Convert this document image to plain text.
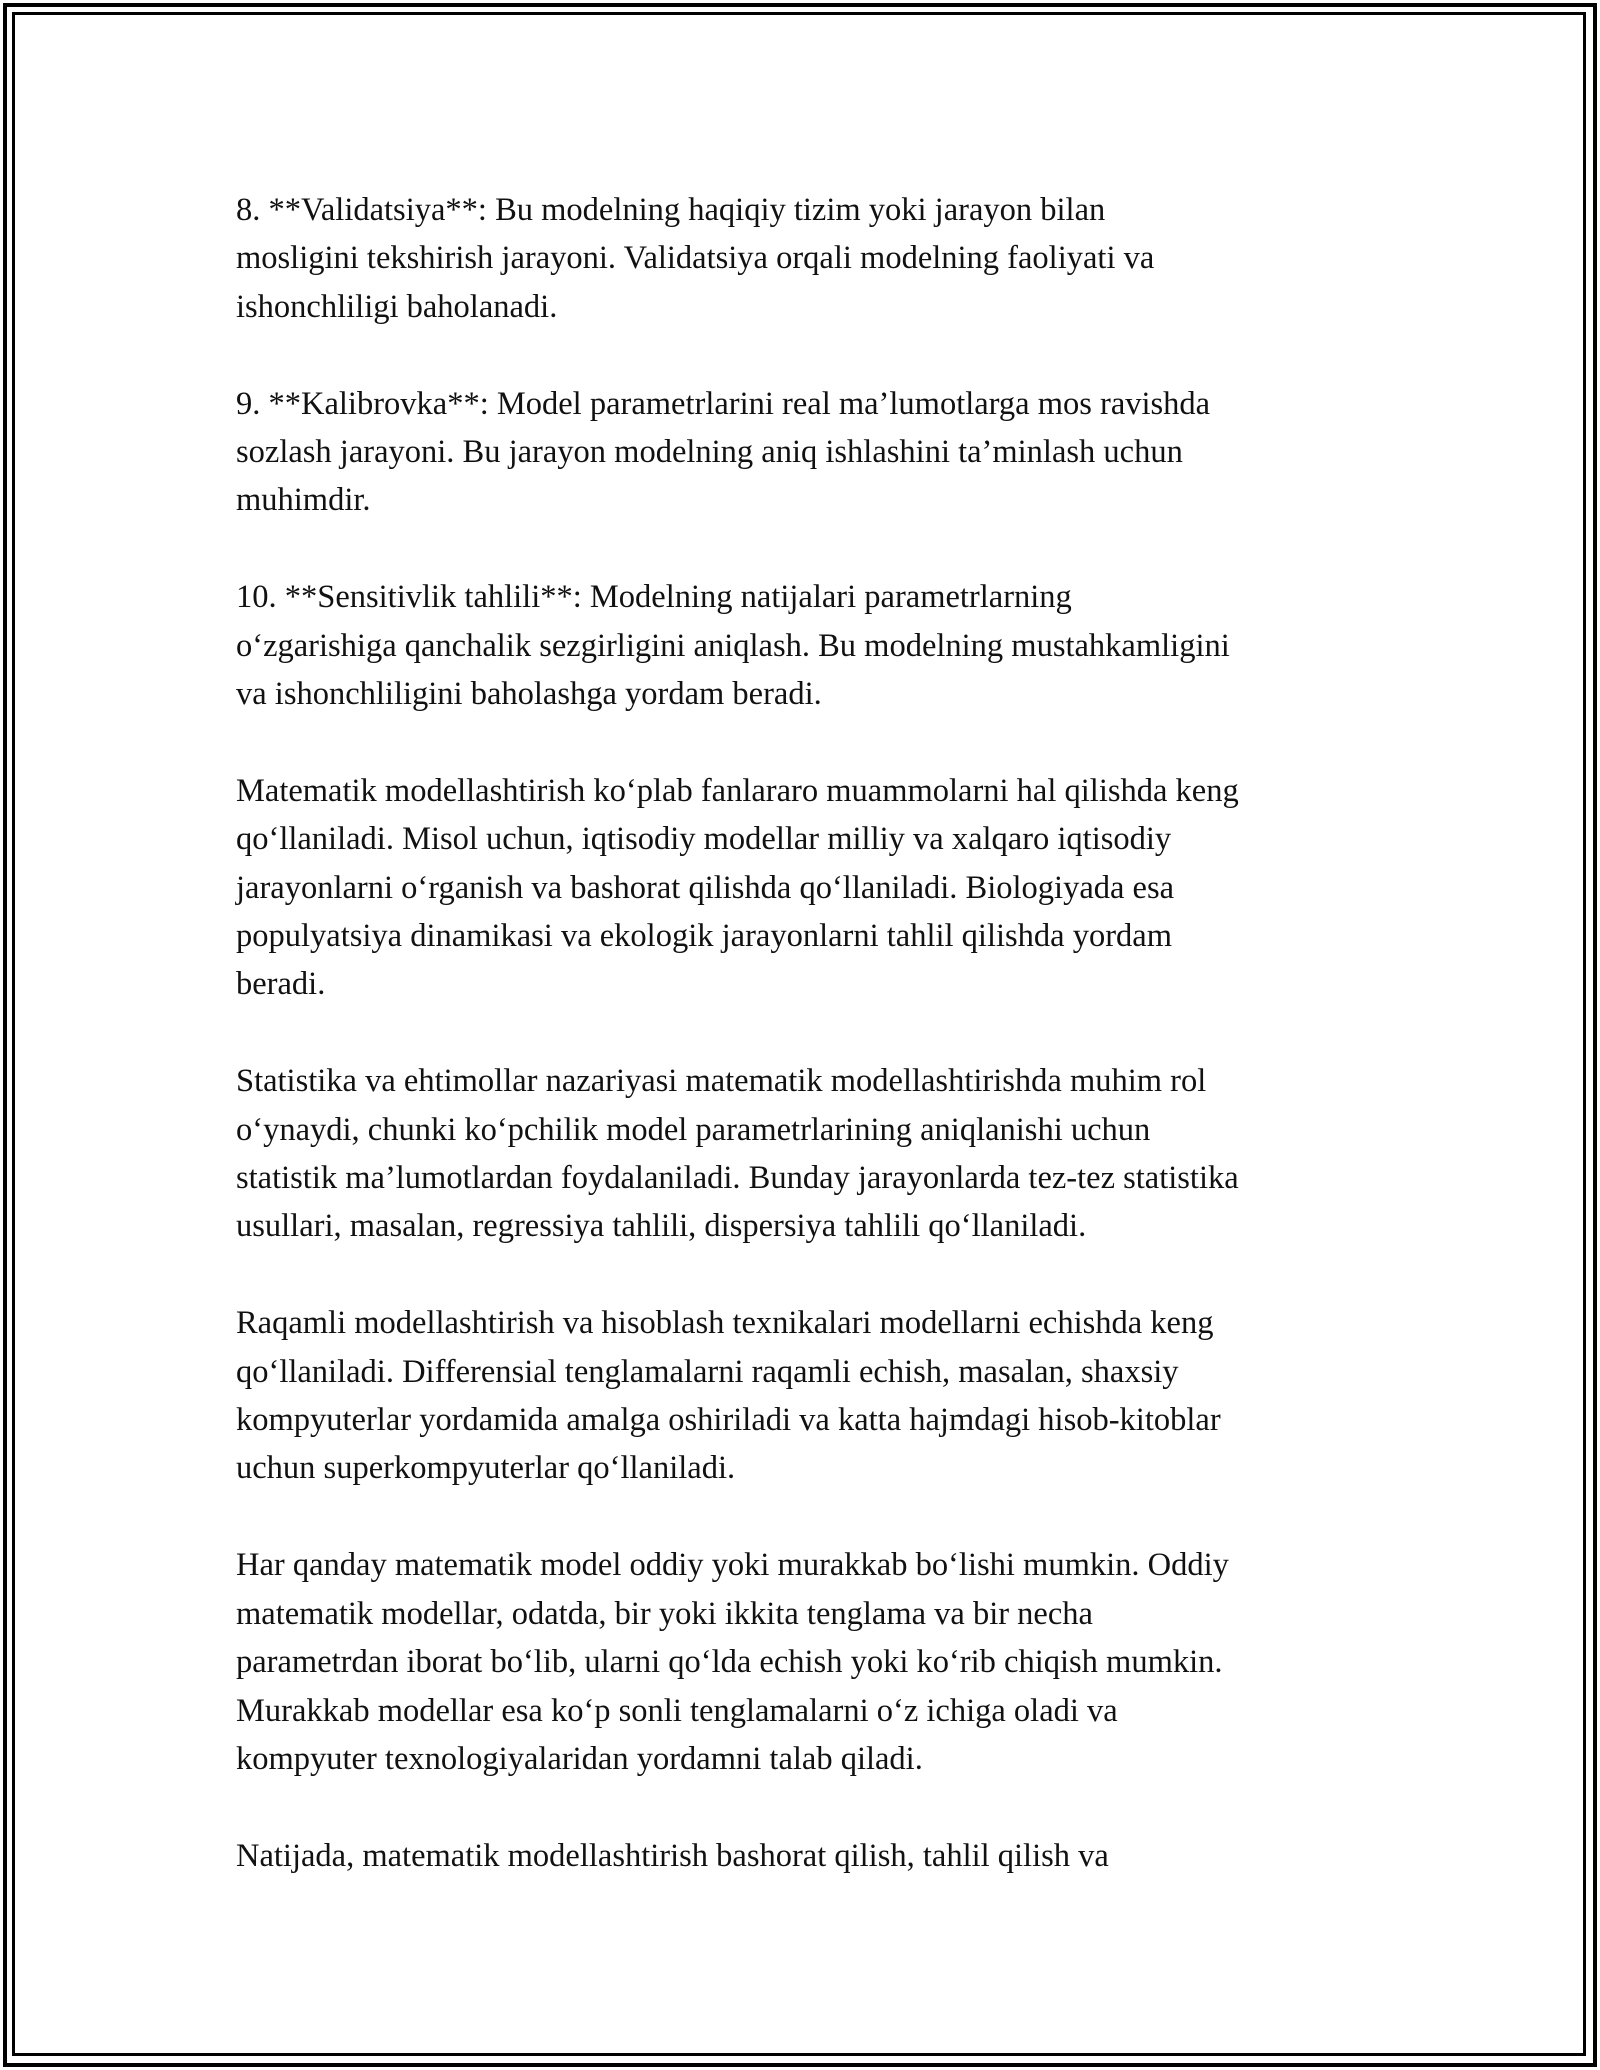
8. **Validatsiya**: Bu modelning haqiqiy tizim yoki jarayon bilan
mosligini tekshirish jarayoni. Validatsiya orqali modelning faoliyati va
ishonchliligi baholanadi.

9. **Kalibrovka**: Model parametrlarini real ma’lumotlarga mos ravishda
sozlash jarayoni. Bu jarayon modelning aniq ishlashini ta’minlash uchun
muhimdir.

10. **Sensitivlik tahlili**: Modelning natijalari parametrlarning
o‘zgarishiga qanchalik sezgirligini aniqlash. Bu modelning mustahkamligini
va ishonchliligini baholashga yordam beradi.

Matematik modellashtirish ko‘plab fanlararo muammolarni hal qilishda keng
qo‘llaniladi. Misol uchun, iqtisodiy modellar milliy va xalqaro iqtisodiy
jarayonlarni o‘rganish va bashorat qilishda qo‘llaniladi. Biologiyada esa
populyatsiya dinamikasi va ekologik jarayonlarni tahlil qilishda yordam
beradi.

Statistika va ehtimollar nazariyasi matematik modellashtirishda muhim rol
o‘ynaydi, chunki ko‘pchilik model parametrlarining aniqlanishi uchun
statistik ma’lumotlardan foydalaniladi. Bunday jarayonlarda tez-tez statistika
usullari, masalan, regressiya tahlili, dispersiya tahlili qo‘llaniladi.

Raqamli modellashtirish va hisoblash texnikalari modellarni echishda keng
qo‘llaniladi. Differensial tenglamalarni raqamli echish, masalan, shaxsiy
kompyuterlar yordamida amalga oshiriladi va katta hajmdagi hisob-kitoblar
uchun superkompyuterlar qo‘llaniladi.

Har qanday matematik model oddiy yoki murakkab bo‘lishi mumkin. Oddiy
matematik modellar, odatda, bir yoki ikkita tenglama va bir necha
parametrdan iborat bo‘lib, ularni qo‘lda echish yoki ko‘rib chiqish mumkin.
Murakkab modellar esa ko‘p sonli tenglamalarni o‘z ichiga oladi va
kompyuter texnologiyalaridan yordamni talab qiladi.

Natijada, matematik modellashtirish bashorat qilish, tahlil qilish va
